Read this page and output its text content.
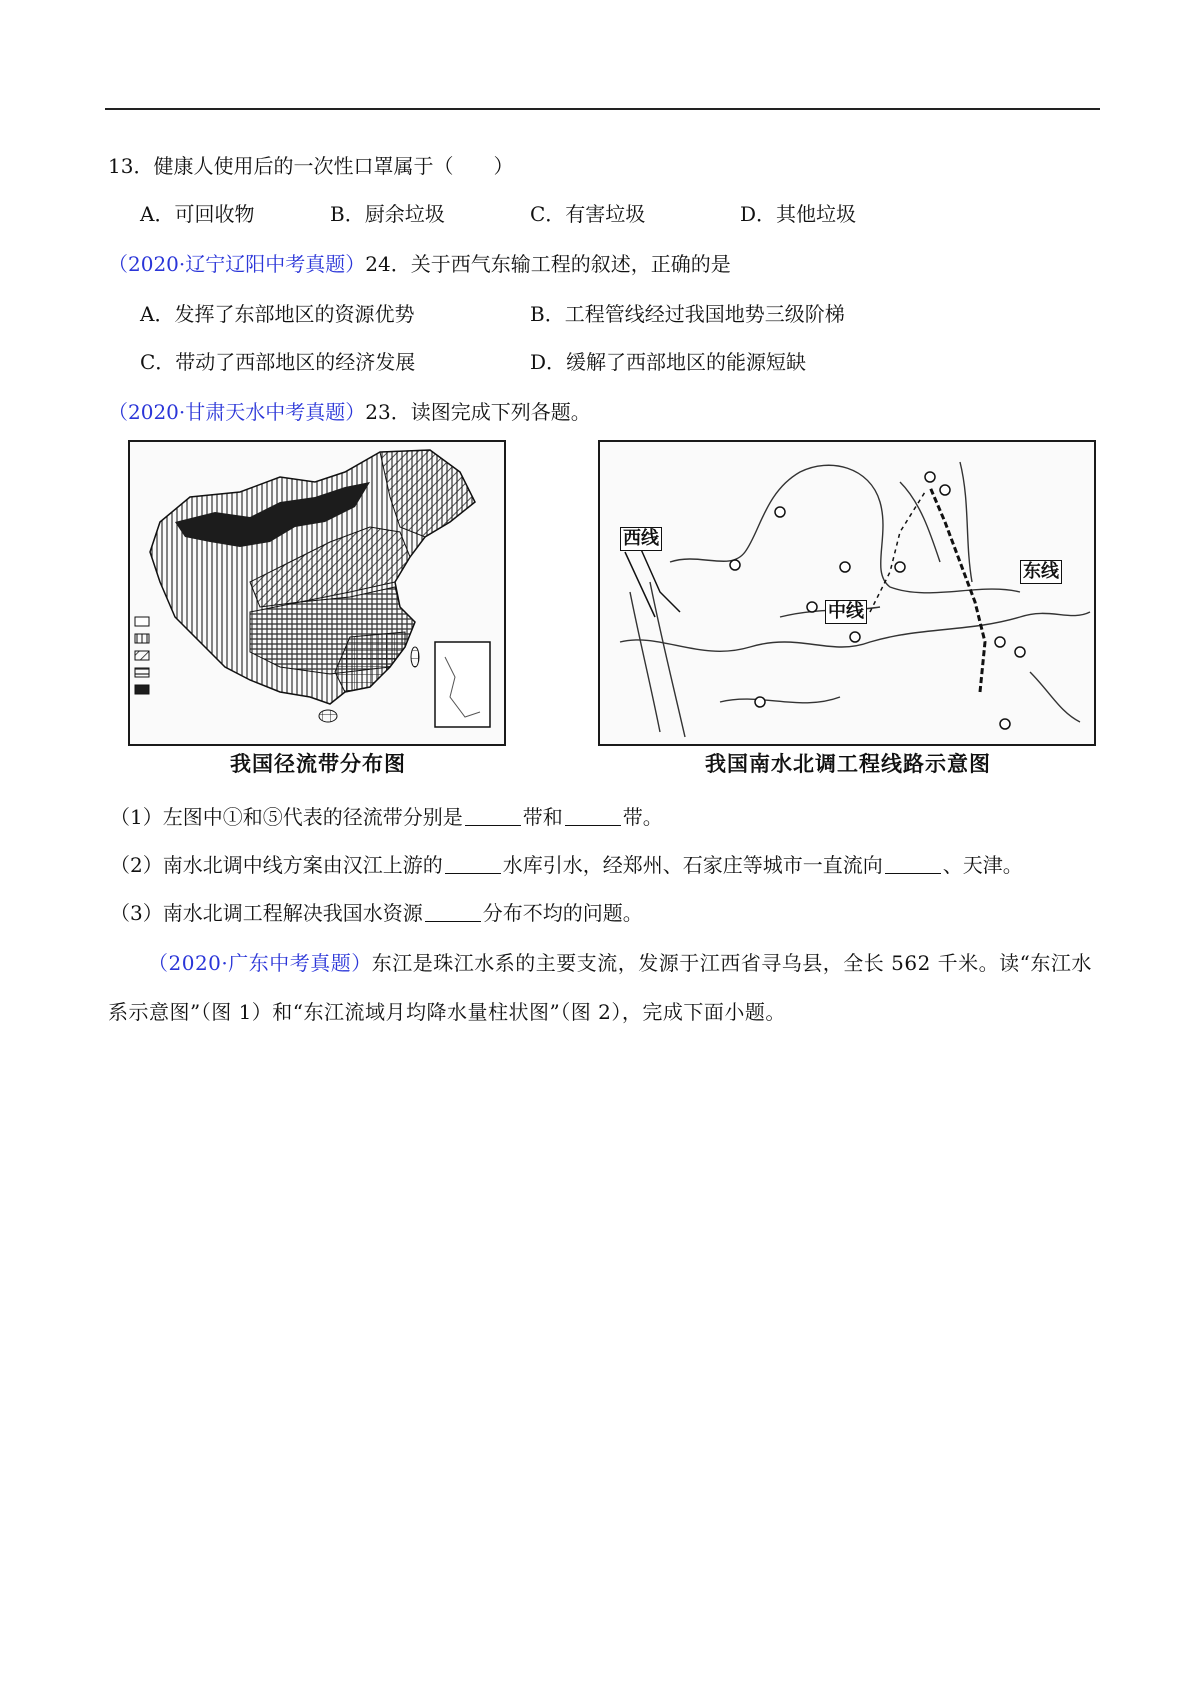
13．健康人使用后的一次性口罩属于（　　）
A．可回收物	B．厨余垃圾	C．有害垃圾	D．其他垃圾
（2020·辽宁辽阳中考真题）24．关于西气东输工程的叙述，正确的是
A．发挥了东部地区的资源优势	B．工程管线经过我国地势三级阶梯
C．带动了西部地区的经济发展	D．缓解了西部地区的能源短缺
（2020·甘肃天水中考真题）23．读图完成下列各题。
我国径流带分布图
西线
中线
东线
我国南水北调工程线路示意图
（1）左图中①和⑤代表的径流带分别是	带和	带。
（2）南水北调中线方案由汉江上游的	水库引水，经郑州、石家庄等城市一直流向	、天津。
（3）南水北调工程解决我国水资源	分布不均的问题。
（2020·广东中考真题）东江是珠江水系的主要支流，发源于江西省寻乌县，全长 562 千米。读“东江水
系示意图”（图 1）和“东江流域月均降水量柱状图”（图 2），完成下面小题。
